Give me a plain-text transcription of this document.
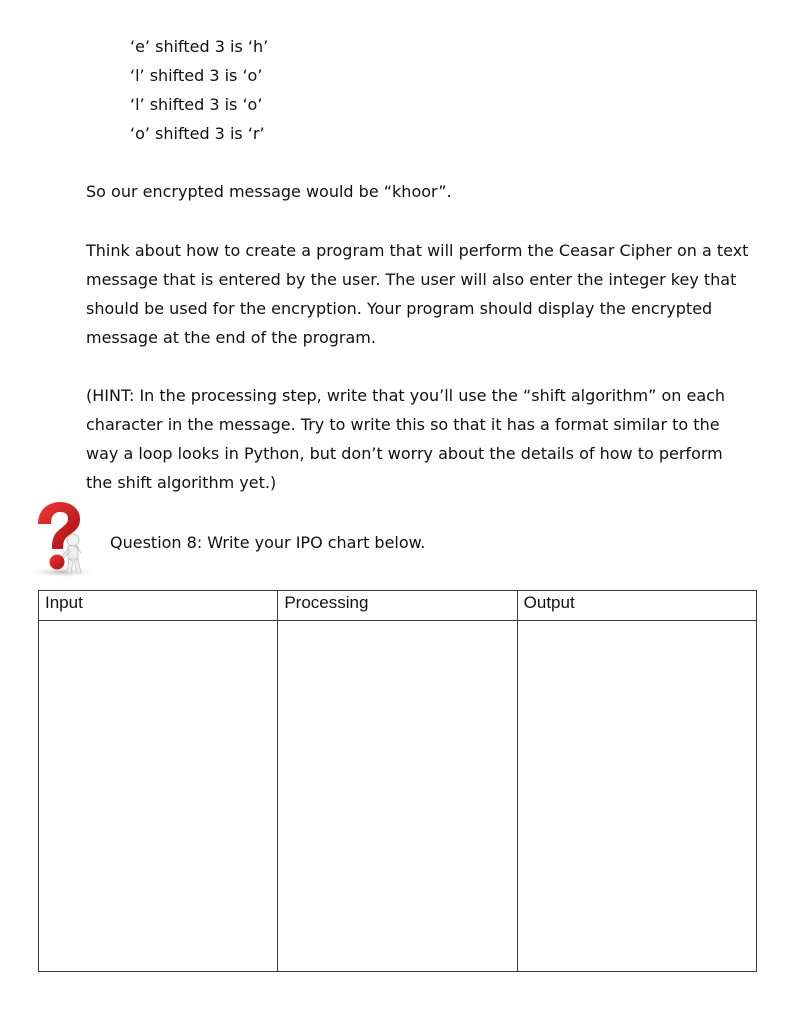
‘e’ shifted 3 is ‘h’
‘l’ shifted 3 is ‘o’
‘l’ shifted 3 is ‘o’
‘o’ shifted 3 is ‘r’
So our encrypted message would be “khoor”.
Think about how to create a program that will perform the Ceasar Cipher on a text
message that is entered by the user. The user will also enter the integer key that
should be used for the encryption. Your program should display the encrypted
message at the end of the program.
(HINT: In the processing step, write that you’ll use the “shift algorithm” on each
character in the message. Try to write this so that it has a format similar to the
way a loop looks in Python, but don’t worry about the details of how to perform
the shift algorithm yet.)
Question 8: Write your IPO chart below.
Input	Processing	Output
